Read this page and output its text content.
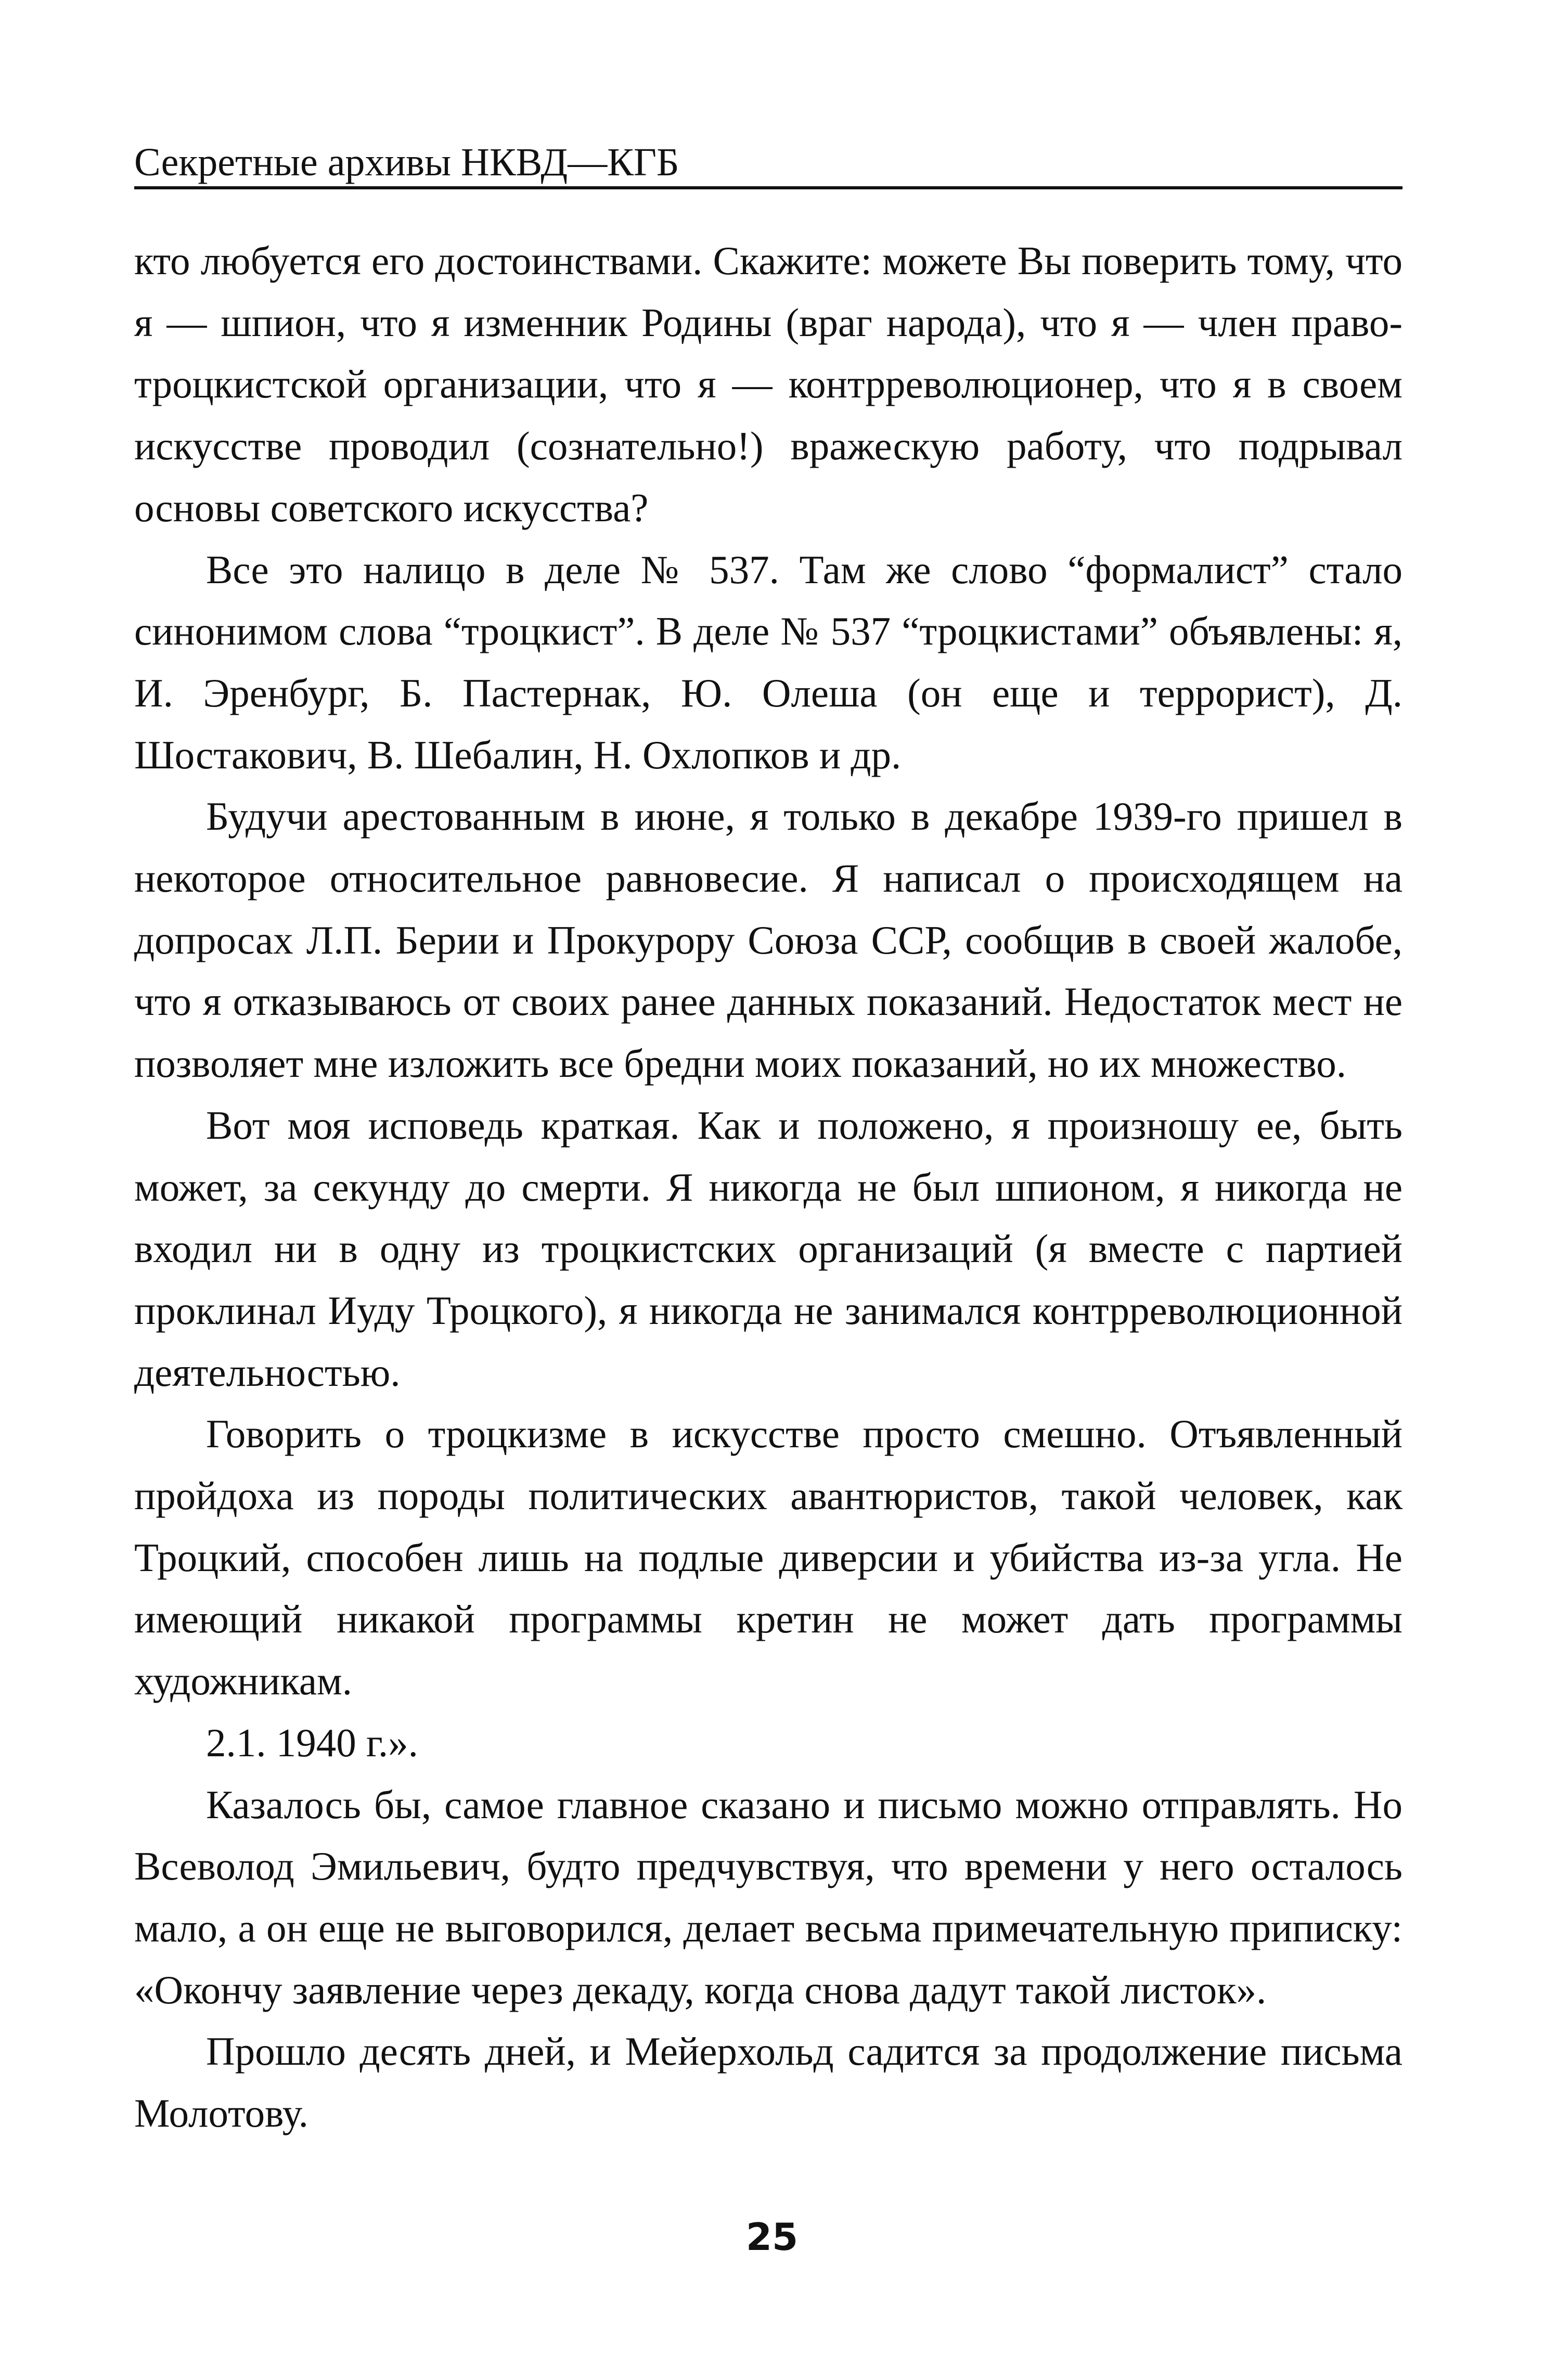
Секретные архивы НКВД—КГБ

кто любуется его достоинствами. Скажите: можете Вы поверить тому, что я — шпион, что я изменник Родины (враг народа), что я — член право-троцкистской организации, что я — контрреволюционер, что я в своем искусстве проводил (сознательно!) вражескую работу, что подрывал основы советского искусства?

Все это налицо в деле № 537. Там же слово “формалист” стало синонимом слова “троцкист”. В деле № 537 “троцкистами” объявлены: я, И. Эренбург, Б. Пастернак, Ю. Олеша (он еще и террорист), Д. Шостакович, В. Шебалин, Н. Охлопков и др.

Будучи арестованным в июне, я только в декабре 1939-го пришел в некоторое относительное равновесие. Я написал о происходящем на допросах Л.П. Берии и Прокурору Союза ССР, сообщив в своей жалобе, что я отказываюсь от своих ранее данных показаний. Недостаток мест не позволяет мне изложить все бредни моих показаний, но их множество.

Вот моя исповедь краткая. Как и положено, я произношу ее, быть может, за секунду до смерти. Я никогда не был шпионом, я никогда не входил ни в одну из троцкистских организаций (я вместе с партией проклинал Иуду Троцкого), я никогда не занимался контрреволюционной деятельностью.

Говорить о троцкизме в искусстве просто смешно. Отъявленный пройдоха из породы политических авантюристов, такой человек, как Троцкий, способен лишь на подлые диверсии и убийства из-за угла. Не имеющий никакой программы кретин не может дать программы художникам.

2.1. 1940 г.».

Казалось бы, самое главное сказано и письмо можно отправлять. Но Всеволод Эмильевич, будто предчувствуя, что времени у него осталось мало, а он еще не выговорился, делает весьма примечательную приписку: «Окончу заявление через декаду, когда снова дадут такой листок».

Прошло десять дней, и Мейерхольд садится за продолжение письма Молотову.

25
